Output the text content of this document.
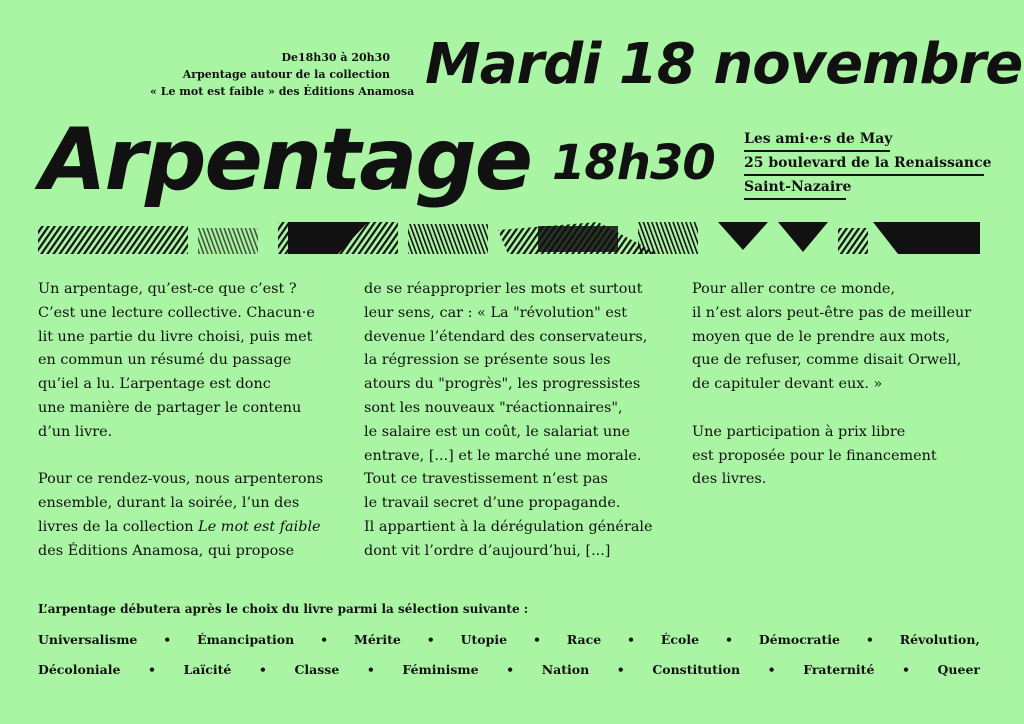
De18h30 à 20h30
Arpentage autour de la collection
« Le mot est faible » des Éditions Anamosa Mardi 18 novembre
Arpentage 18h30 Les ami·e·s de May
25 boulevard de la Renaissance
Saint-Nazaire

Un arpentage, qu’est-ce que c’est ?
C’est une lecture collective. Chacun·e
lit une partie du livre choisi, puis met
en commun un résumé du passage
qu’iel a lu. L’arpentage est donc
une manière de partager le contenu
d’un livre.

Pour ce rendez-vous, nous arpenterons
ensemble, durant la soirée, l’un des
livres de la collection Le mot est faible
des Éditions Anamosa, qui propose

de se réapproprier les mots et surtout
leur sens, car : « La "révolution" est
devenue l’étendard des conservateurs,
la régression se présente sous les
atours du "progrès", les progressistes
sont les nouveaux "réactionnaires",
le salaire est un coût, le salariat une
entrave, [...] et le marché une morale.
Tout ce travestissement n’est pas
le travail secret d’une propagande.
Il appartient à la dérégulation générale
dont vit l’ordre d’aujourd’hui, [...]

Pour aller contre ce monde,
il n’est alors peut-être pas de meilleur
moyen que de le prendre aux mots,
que de refuser, comme disait Orwell,
de capituler devant eux. »

Une participation à prix libre
est proposée pour le financement
des livres.

L’arpentage débutera après le choix du livre parmi la sélection suivante :
Universalisme • Émancipation • Mérite • Utopie • Race • École • Démocratie • Révolution,
Décoloniale • Laïcité • Classe • Féminisme • Nation • Constitution • Fraternité • Queer
